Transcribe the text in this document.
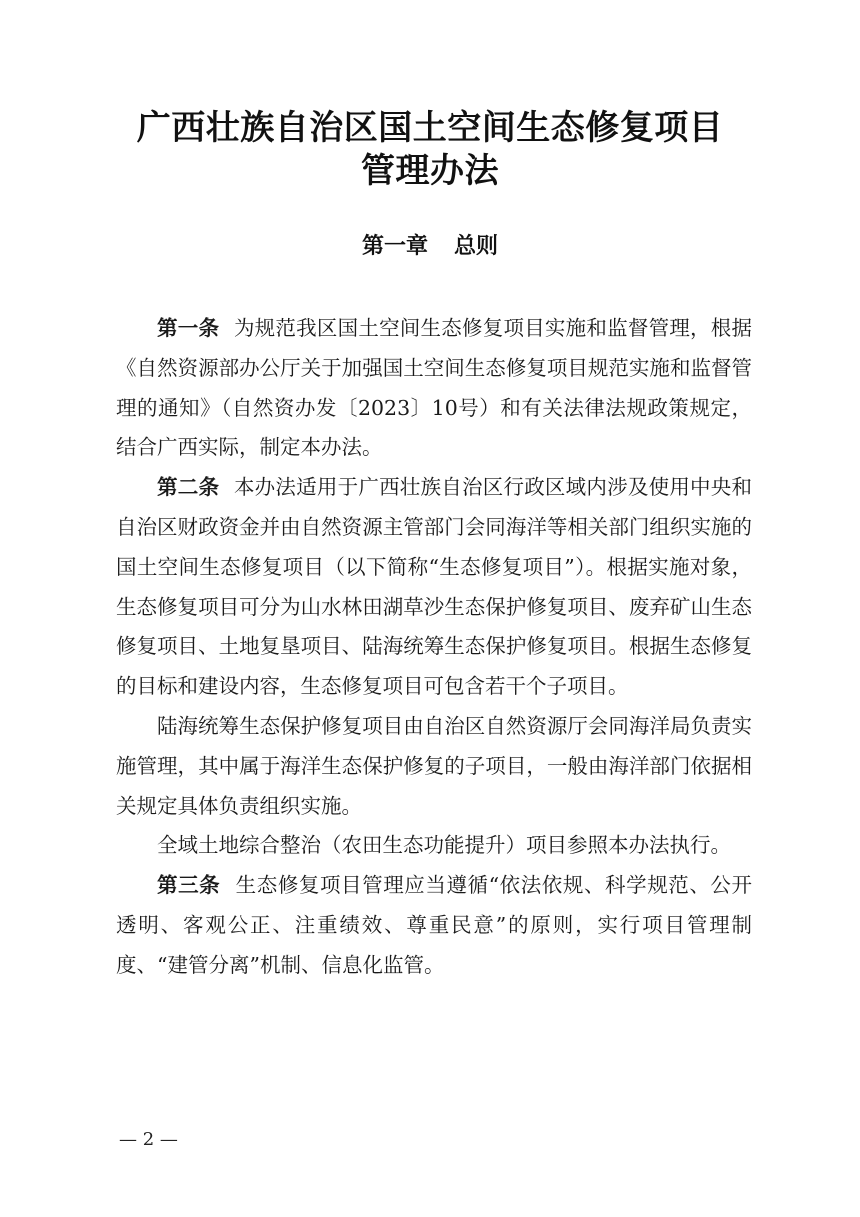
广西壮族自治区国土空间生态修复项目
管理办法
第一章 总则

第一条 为规范我区国土空间生态修复项目实施和监督管理，根据《自然资源部办公厅关于加强国土空间生态修复项目规范实施和监督管理的通知》（自然资办发〔2023〕10号）和有关法律法规政策规定，结合广西实际，制定本办法。

第二条 本办法适用于广西壮族自治区行政区域内涉及使用中央和自治区财政资金并由自然资源主管部门会同海洋等相关部门组织实施的国土空间生态修复项目（以下简称“生态修复项目”）。根据实施对象，生态修复项目可分为山水林田湖草沙生态保护修复项目、废弃矿山生态修复项目、土地复垦项目、陆海统筹生态保护修复项目。根据生态修复的目标和建设内容，生态修复项目可包含若干个子项目。

陆海统筹生态保护修复项目由自治区自然资源厅会同海洋局负责实施管理，其中属于海洋生态保护修复的子项目，一般由海洋部门依据相关规定具体负责组织实施。

全域土地综合整治（农田生态功能提升）项目参照本办法执行。

第三条 生态修复项目管理应当遵循“依法依规、科学规范、公开透明、客观公正、注重绩效、尊重民意”的原则，实行项目管理制度、“建管分离”机制、信息化监管。

— 2 —
